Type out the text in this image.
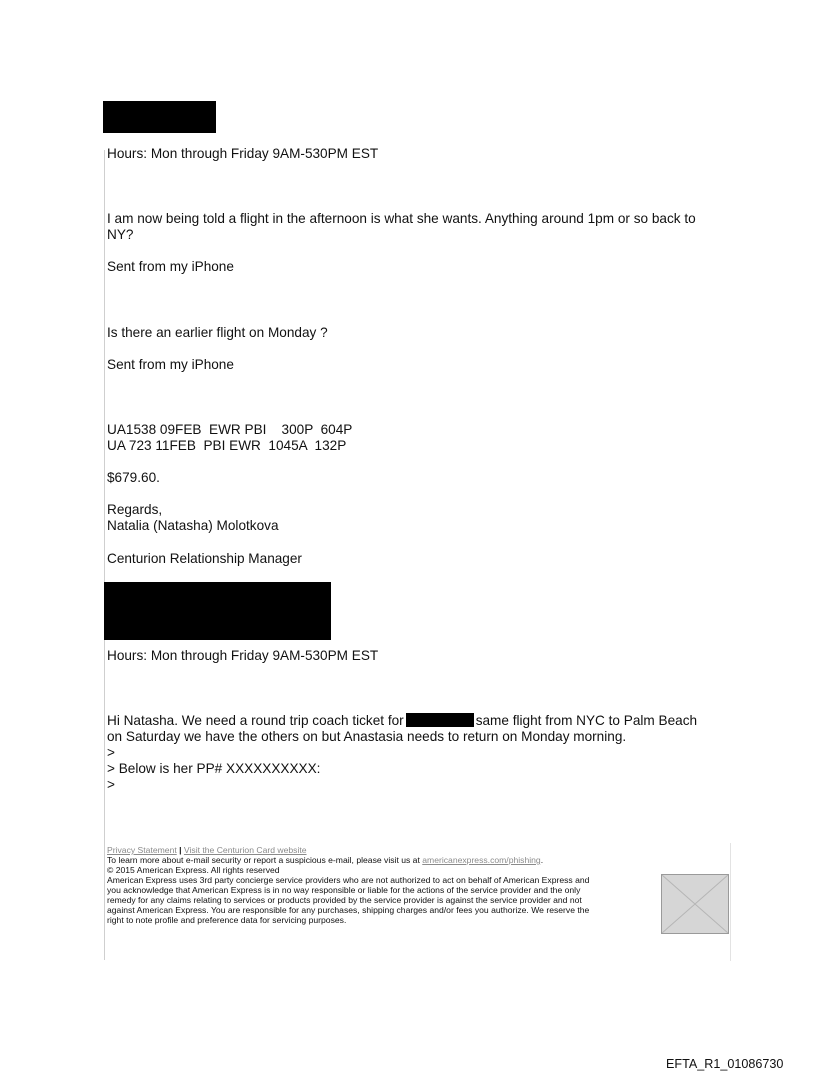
Hours: Mon through Friday 9AM-530PM EST
I am now being told a flight in the afternoon is what she wants. Anything around 1pm or so back to
NY?
Sent from my iPhone
Is there an earlier flight on Monday ?
Sent from my iPhone
UA1538 09FEB  EWR PBI    300P  604P
UA 723 11FEB  PBI EWR  1045A  132P
$679.60.
Regards,
Natalia (Natasha) Molotkova
Centurion Relationship Manager
Hours: Mon through Friday 9AM-530PM EST
Hi Natasha. We need a round trip coach ticket for	same flight from NYC to Palm Beach
on Saturday we have the others on but Anastasia needs to return on Monday morning.
>
> Below is her PP# XXXXXXXXXX:
>
Privacy Statement | Visit the Centurion Card website
To learn more about e-mail security or report a suspicious e-mail, please visit us at americanexpress.com/phishing.
© 2015 American Express. All rights reserved
American Express uses 3rd party concierge service providers who are not authorized to act on behalf of American Express and
you acknowledge that American Express is in no way responsible or liable for the actions of the service provider and the only
remedy for any claims relating to services or products provided by the service provider is against the service provider and not
against American Express. You are responsible for any purchases, shipping charges and/or fees you authorize. We reserve the
right to note profile and preference data for servicing purposes.
EFTA_R1_01086730
